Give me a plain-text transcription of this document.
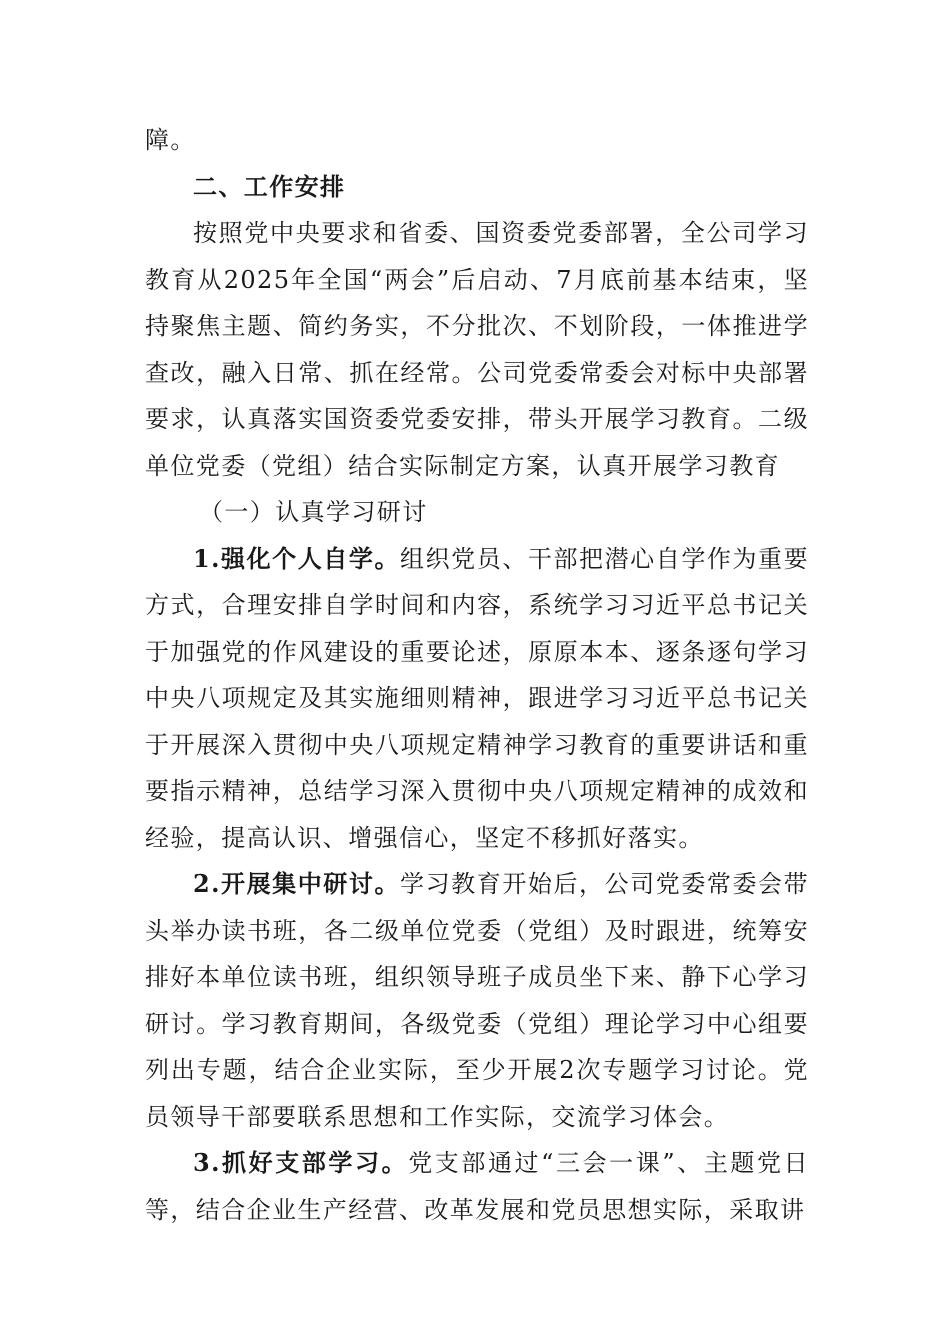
障。

二、工作安排

按照党中央要求和省委、国资委党委部署，全公司学习教育从2025年全国“两会”后启动、7月底前基本结束，坚持聚焦主题、简约务实，不分批次、不划阶段，一体推进学查改，融入日常、抓在经常。公司党委常委会对标中央部署要求，认真落实国资委党委安排，带头开展学习教育。二级单位党委（党组）结合实际制定方案，认真开展学习教育

（一）认真学习研讨

1.强化个人自学。组织党员、干部把潜心自学作为重要方式，合理安排自学时间和内容，系统学习习近平总书记关于加强党的作风建设的重要论述，原原本本、逐条逐句学习中央八项规定及其实施细则精神，跟进学习习近平总书记关于开展深入贯彻中央八项规定精神学习教育的重要讲话和重要指示精神，总结学习深入贯彻中央八项规定精神的成效和经验，提高认识、增强信心，坚定不移抓好落实。

2.开展集中研讨。学习教育开始后，公司党委常委会带头举办读书班，各二级单位党委（党组）及时跟进，统筹安排好本单位读书班，组织领导班子成员坐下来、静下心学习研讨。学习教育期间，各级党委（党组）理论学习中心组要列出专题，结合企业实际，至少开展2次专题学习讨论。党员领导干部要联系思想和工作实际，交流学习体会。

3.抓好支部学习。党支部通过“三会一课”、主题党日等，结合企业生产经营、改革发展和党员思想实际，采取讲
